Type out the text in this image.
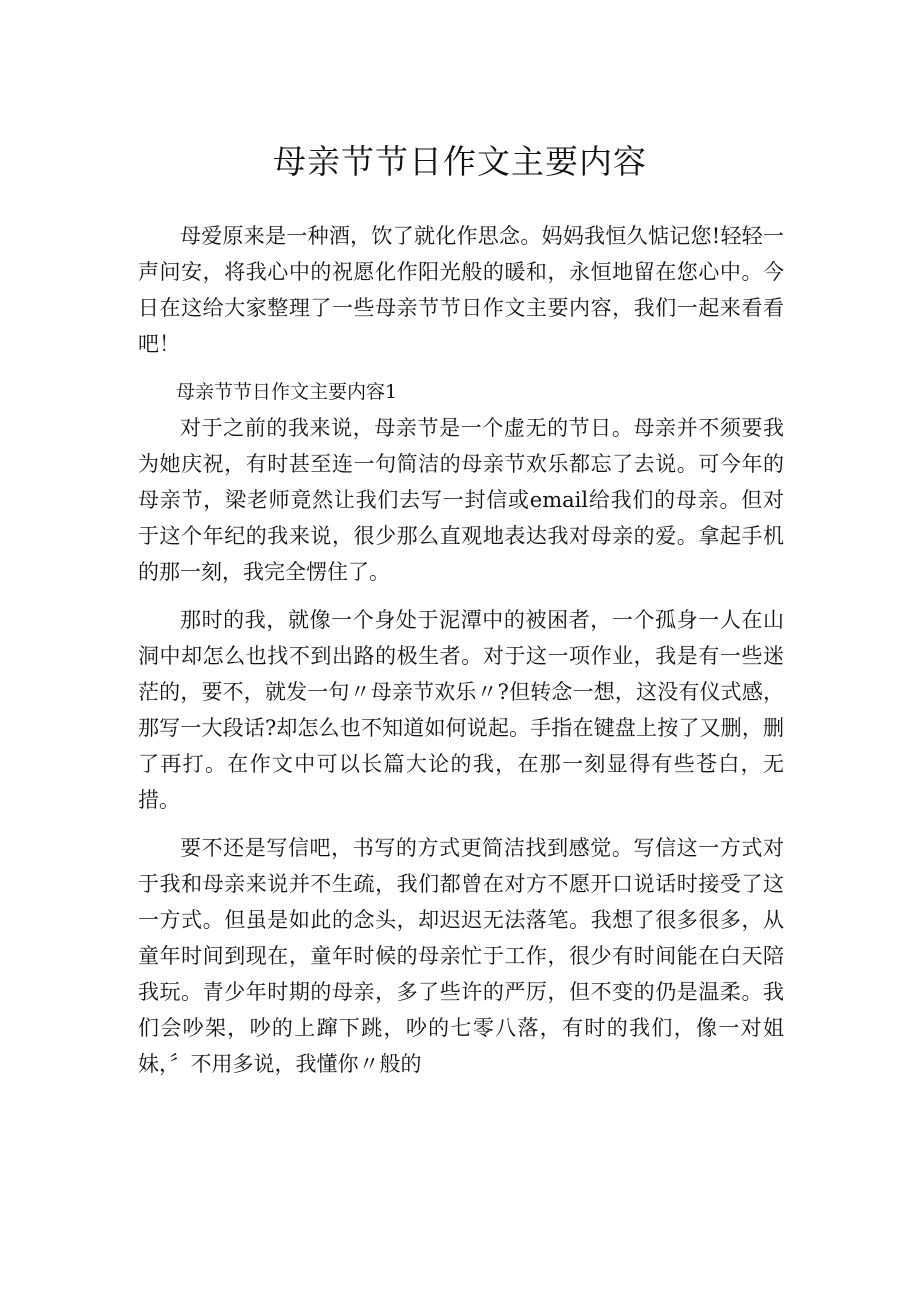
母亲节节日作文主要内容

母爱原来是一种酒，饮了就化作思念。妈妈我恒久惦记您!轻轻一声问安，将我心中的祝愿化作阳光般的暖和，永恒地留在您心中。今日在这给大家整理了一些母亲节节日作文主要内容，我们一起来看看吧！

母亲节节日作文主要内容1

对于之前的我来说，母亲节是一个虚无的节日。母亲并不须要我为她庆祝，有时甚至连一句简洁的母亲节欢乐都忘了去说。可今年的母亲节，梁老师竟然让我们去写一封信或email给我们的母亲。但对于这个年纪的我来说，很少那么直观地表达我对母亲的爱。拿起手机的那一刻，我完全愣住了。

那时的我，就像一个身处于泥潭中的被困者，一个孤身一人在山洞中却怎么也找不到出路的极生者。对于这一项作业，我是有一些迷茫的，要不，就发一句〃母亲节欢乐〃?但转念一想，这没有仪式感，那写一大段话?却怎么也不知道如何说起。手指在键盘上按了又删，删了再打。在作文中可以长篇大论的我，在那一刻显得有些苍白，无措。

要不还是写信吧，书写的方式更简洁找到感觉。写信这一方式对于我和母亲来说并不生疏，我们都曾在对方不愿开口说话时接受了这一方式。但虽是如此的念头，却迟迟无法落笔。我想了很多很多，从童年时间到现在，童年时候的母亲忙于工作，很少有时间能在白天陪我玩。青少年时期的母亲，多了些许的严厉，但不变的仍是温柔。我们会吵架，吵的上蹿下跳，吵的七零八落，有时的我们，像一对姐妹，〞不用多说，我懂你〃般的
